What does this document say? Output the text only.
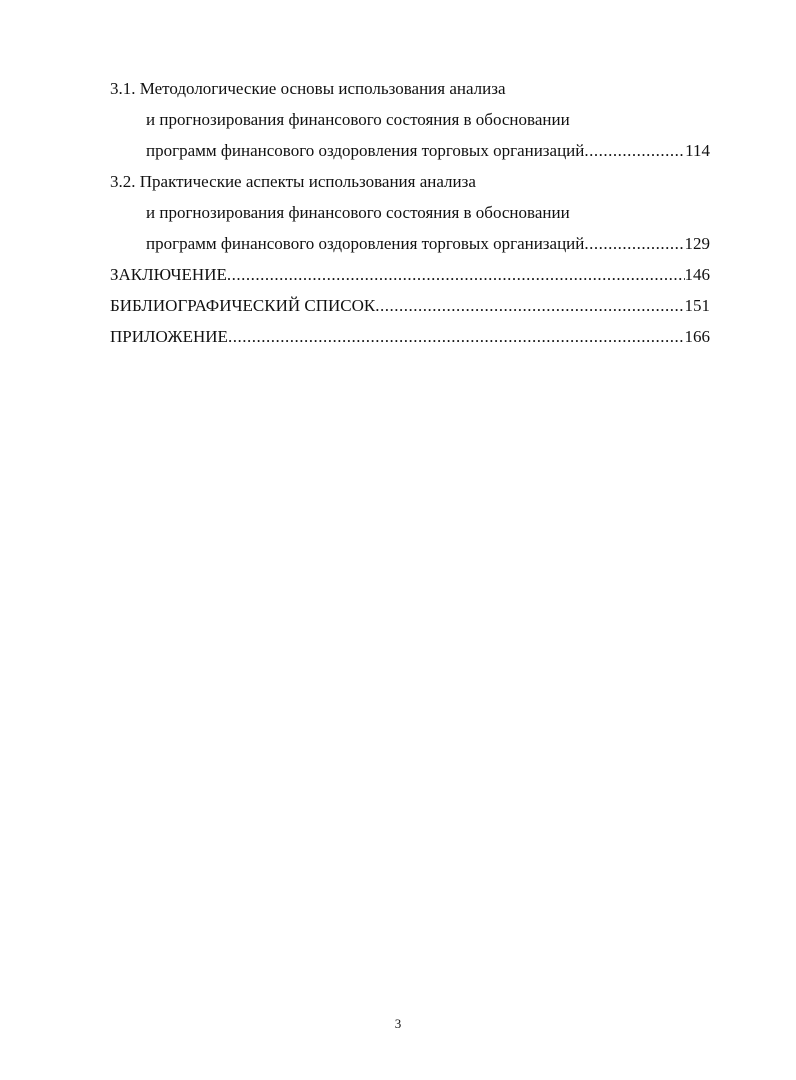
3.1. Методологические основы использования анализа
и прогнозирования финансового состояния в обосновании
программ финансового оздоровления торговых организаций .....	114
3.2. Практические аспекты использования анализа
и прогнозирования финансового состояния в обосновании
программ финансового оздоровления торговых организаций .....	129
ЗАКЛЮЧЕНИЕ .....	146
БИБЛИОГРАФИЧЕСКИЙ СПИСОК .....	151
ПРИЛОЖЕНИЕ .....	166
3
